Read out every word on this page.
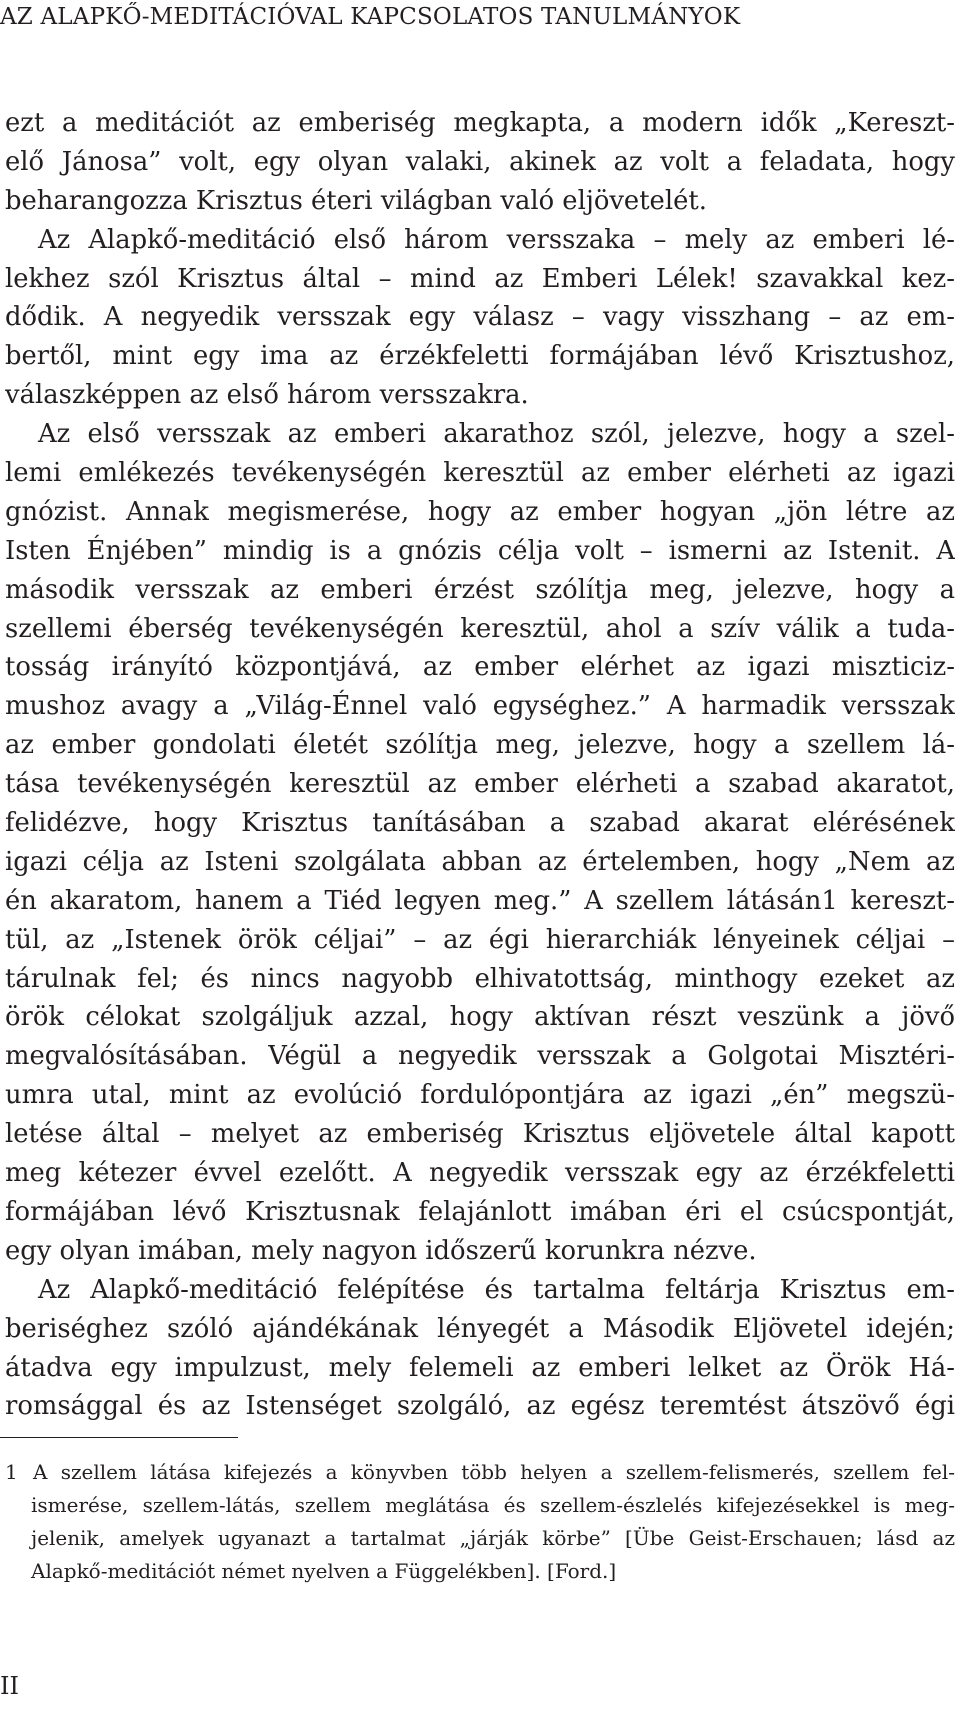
AZ ALAPKŐ-MEDITÁCIÓVAL KAPCSOLATOS TANULMÁNYOK
ezt a meditációt az emberiség megkapta, a modern idők „Kereszt-
elő Jánosa” volt, egy olyan valaki, akinek az volt a feladata, hogy
beharangozza Krisztus éteri világban való eljövetelét.
Az Alapkő-meditáció első három versszaka – mely az emberi lé-
lekhez szól Krisztus által – mind az Emberi Lélek! szavakkal kez-
dődik. A negyedik versszak egy válasz – vagy visszhang – az em-
bertől, mint egy ima az érzékfeletti formájában lévő Krisztushoz,
válaszképpen az első három versszakra.
Az első versszak az emberi akarathoz szól, jelezve, hogy a szel-
lemi emlékezés tevékenységén keresztül az ember elérheti az igazi
gnózist. Annak megismerése, hogy az ember hogyan „jön létre az
Isten Énjében” mindig is a gnózis célja volt – ismerni az Istenit. A
második versszak az emberi érzést szólítja meg, jelezve, hogy a
szellemi éberség tevékenységén keresztül, ahol a szív válik a tuda-
tosság irányító központjává, az ember elérhet az igazi miszticiz-
mushoz avagy a „Világ-Énnel való egységhez.” A harmadik versszak
az ember gondolati életét szólítja meg, jelezve, hogy a szellem lá-
tása tevékenységén keresztül az ember elérheti a szabad akaratot,
felidézve, hogy Krisztus tanításában a szabad akarat elérésének
igazi célja az Isteni szolgálata abban az értelemben, hogy „Nem az
én akaratom, hanem a Tiéd legyen meg.” A szellem látásán1 kereszt-
tül, az „Istenek örök céljai” – az égi hierarchiák lényeinek céljai –
tárulnak fel; és nincs nagyobb elhivatottság, minthogy ezeket az
örök célokat szolgáljuk azzal, hogy aktívan részt veszünk a jövő
megvalósításában. Végül a negyedik versszak a Golgotai Misztéri-
umra utal, mint az evolúció fordulópontjára az igazi „én” megszü-
letése által – melyet az emberiség Krisztus eljövetele által kapott
meg kétezer évvel ezelőtt. A negyedik versszak egy az érzékfeletti
formájában lévő Krisztusnak felajánlott imában éri el csúcspontját,
egy olyan imában, mely nagyon időszerű korunkra nézve.
Az Alapkő-meditáció felépítése és tartalma feltárja Krisztus em-
beriséghez szóló ajándékának lényegét a Második Eljövetel idején;
átadva egy impulzust, mely felemeli az emberi lelket az Örök Há-
romsággal és az Istenséget szolgáló, az egész teremtést átszövő égi
1 A szellem látása kifejezés a könyvben több helyen a szellem-felismerés, szellem fel-
ismerése, szellem-látás, szellem meglátása és szellem-észlelés kifejezésekkel is meg-
jelenik, amelyek ugyanazt a tartalmat „járják körbe” [Übe Geist-Erschauen; lásd az
Alapkő-meditációt német nyelven a Függelékben]. [Ford.]
II
